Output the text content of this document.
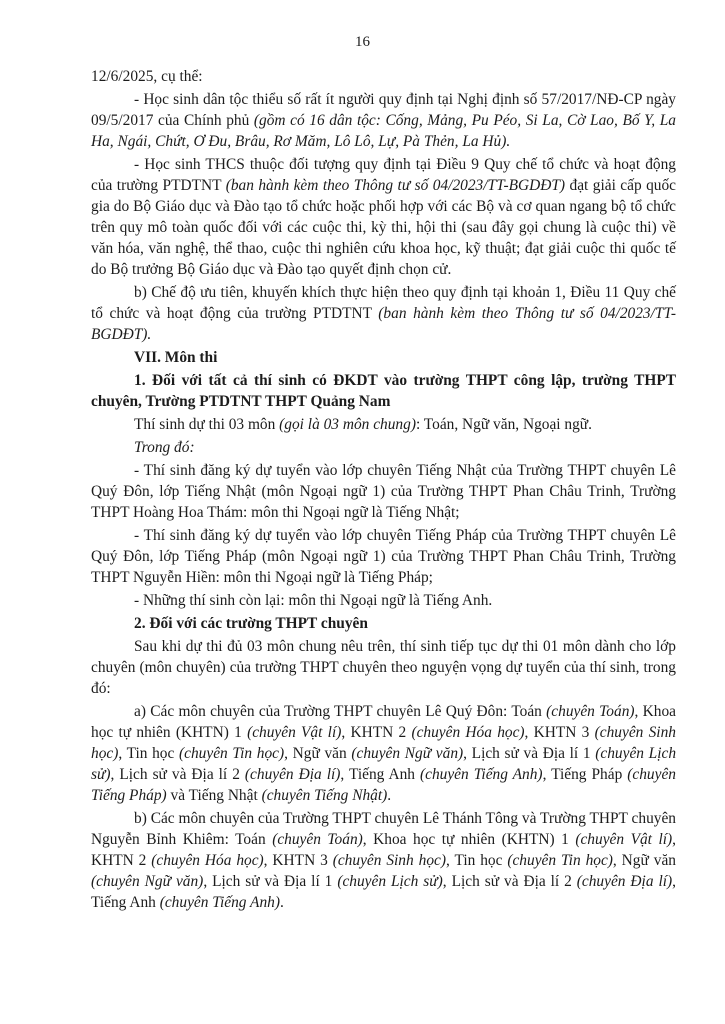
16

12/6/2025, cụ thể:

- Học sinh dân tộc thiểu số rất ít người quy định tại Nghị định số 57/2017/NĐ-CP ngày 09/5/2017 của Chính phủ (gồm có 16 dân tộc: Cống, Mảng, Pu Péo, Si La, Cờ Lao, Bố Y, La Ha, Ngái, Chứt, Ơ Đu, Brâu, Rơ Măm, Lô Lô, Lự, Pà Thẻn, La Hủ).

- Học sinh THCS thuộc đối tượng quy định tại Điều 9 Quy chế tổ chức và hoạt động của trường PTDTNT (ban hành kèm theo Thông tư số 04/2023/TT-BGDĐT) đạt giải cấp quốc gia do Bộ Giáo dục và Đào tạo tổ chức hoặc phối hợp với các Bộ và cơ quan ngang bộ tổ chức trên quy mô toàn quốc đối với các cuộc thi, kỳ thi, hội thi (sau đây gọi chung là cuộc thi) về văn hóa, văn nghệ, thể thao, cuộc thi nghiên cứu khoa học, kỹ thuật; đạt giải cuộc thi quốc tế do Bộ trưởng Bộ Giáo dục và Đào tạo quyết định chọn cử.

b) Chế độ ưu tiên, khuyến khích thực hiện theo quy định tại khoản 1, Điều 11 Quy chế tổ chức và hoạt động của trường PTDTNT (ban hành kèm theo Thông tư số 04/2023/TT-BGDĐT).

VII. Môn thi

1. Đối với tất cả thí sinh có ĐKDT vào trường THPT công lập, trường THPT chuyên, Trường PTDTNT THPT Quảng Nam

Thí sinh dự thi 03 môn (gọi là 03 môn chung): Toán, Ngữ văn, Ngoại ngữ.

Trong đó:

- Thí sinh đăng ký dự tuyển vào lớp chuyên Tiếng Nhật của Trường THPT chuyên Lê Quý Đôn, lớp Tiếng Nhật (môn Ngoại ngữ 1) của Trường THPT Phan Châu Trinh, Trường THPT Hoàng Hoa Thám: môn thi Ngoại ngữ là Tiếng Nhật;

- Thí sinh đăng ký dự tuyển vào lớp chuyên Tiếng Pháp của Trường THPT chuyên Lê Quý Đôn, lớp Tiếng Pháp (môn Ngoại ngữ 1) của Trường THPT Phan Châu Trinh, Trường THPT Nguyễn Hiền: môn thi Ngoại ngữ là Tiếng Pháp;

- Những thí sinh còn lại: môn thi Ngoại ngữ là Tiếng Anh.

2. Đối với các trường THPT chuyên

Sau khi dự thi đủ 03 môn chung nêu trên, thí sinh tiếp tục dự thi 01 môn dành cho lớp chuyên (môn chuyên) của trường THPT chuyên theo nguyện vọng dự tuyển của thí sinh, trong đó:

a) Các môn chuyên của Trường THPT chuyên Lê Quý Đôn: Toán (chuyên Toán), Khoa học tự nhiên (KHTN) 1 (chuyên Vật lí), KHTN 2 (chuyên Hóa học), KHTN 3 (chuyên Sinh học), Tin học (chuyên Tin học), Ngữ văn (chuyên Ngữ văn), Lịch sử và Địa lí 1 (chuyên Lịch sử), Lịch sử và Địa lí 2 (chuyên Địa lí), Tiếng Anh (chuyên Tiếng Anh), Tiếng Pháp (chuyên Tiếng Pháp) và Tiếng Nhật (chuyên Tiếng Nhật).

b) Các môn chuyên của Trường THPT chuyên Lê Thánh Tông và Trường THPT chuyên Nguyễn Bỉnh Khiêm: Toán (chuyên Toán), Khoa học tự nhiên (KHTN) 1 (chuyên Vật lí), KHTN 2 (chuyên Hóa học), KHTN 3 (chuyên Sinh học), Tin học (chuyên Tin học), Ngữ văn (chuyên Ngữ văn), Lịch sử và Địa lí 1 (chuyên Lịch sử), Lịch sử và Địa lí 2 (chuyên Địa lí), Tiếng Anh (chuyên Tiếng Anh).
